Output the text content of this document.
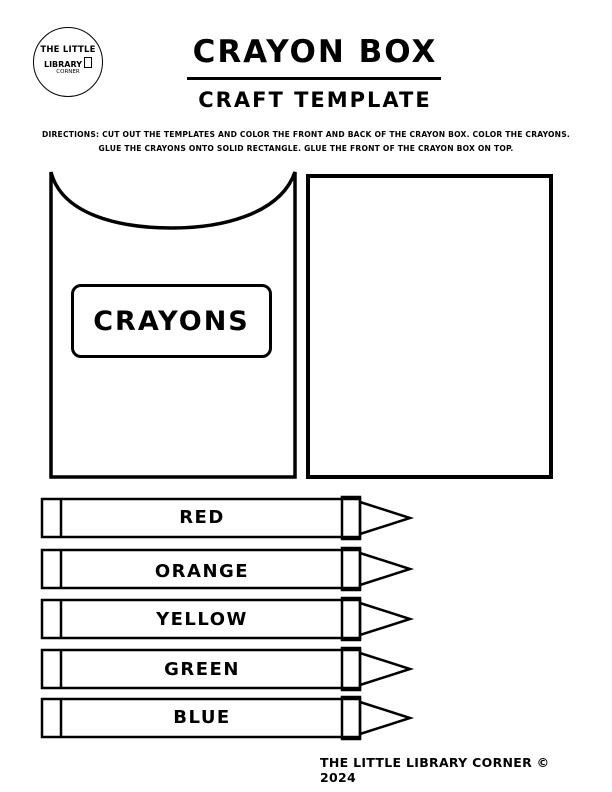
THE LITTLE
LIBRARY
CORNER
CRAYON BOX
CRAFT TEMPLATE
DIRECTIONS: CUT OUT THE TEMPLATES AND COLOR THE FRONT AND BACK OF THE CRAYON BOX. COLOR THE CRAYONS. GLUE THE CRAYONS ONTO SOLID RECTANGLE. GLUE THE FRONT OF THE CRAYON BOX ON TOP.
CRAYONS
RED
ORANGE
YELLOW
GREEN
BLUE
THE LITTLE LIBRARY CORNER © 2024
